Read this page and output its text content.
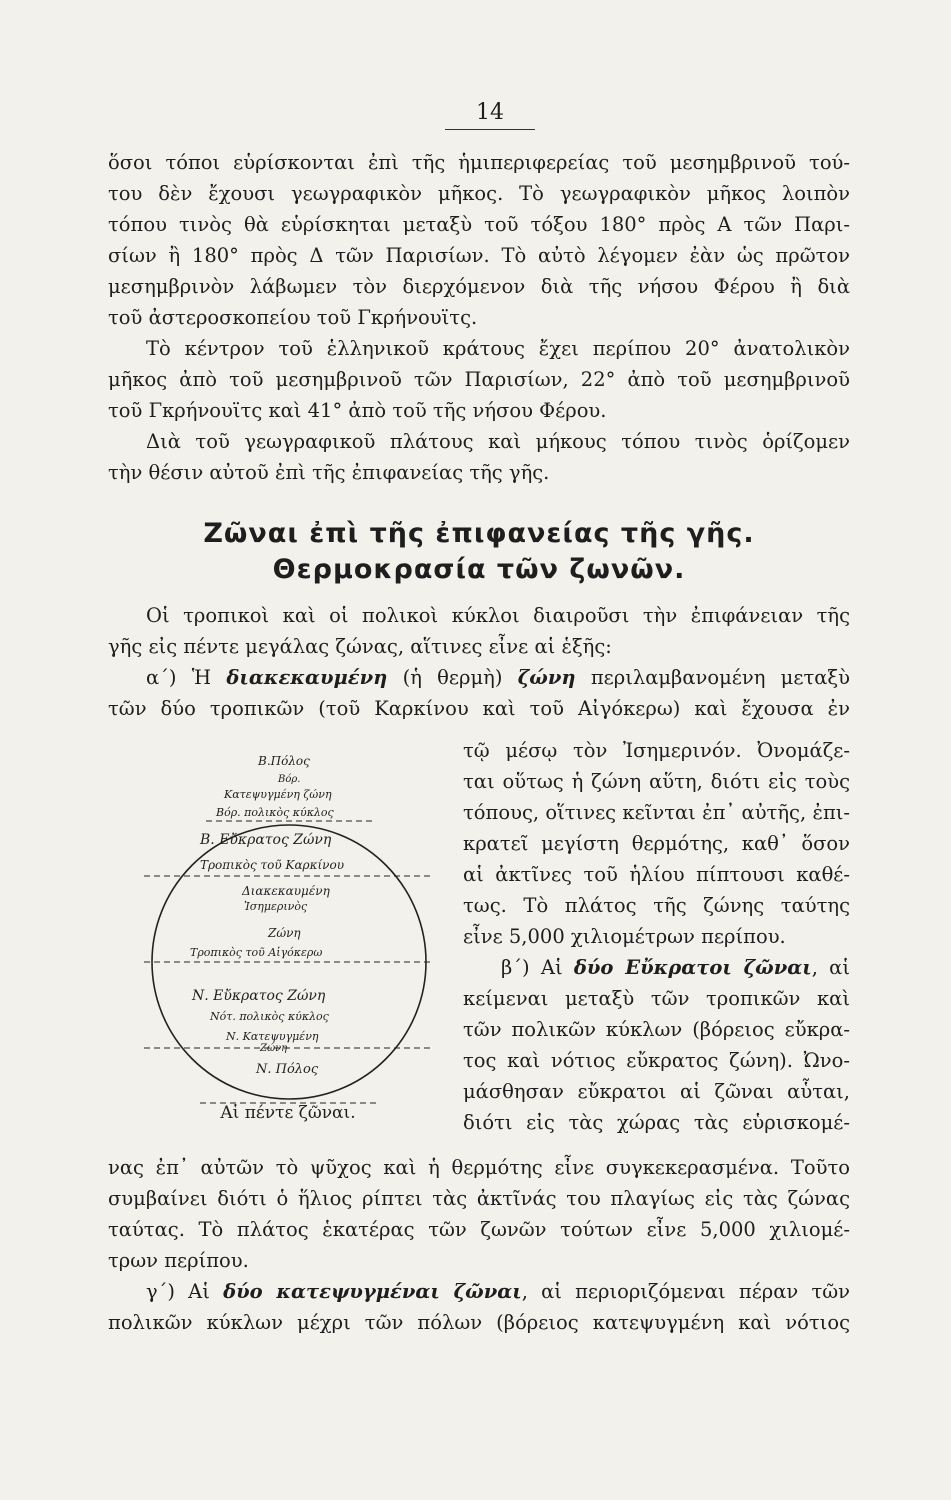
14
ὅσοι τόποι εὑρίσκονται ἐπὶ τῆς ἡμιπεριφερείας τοῦ μεσημβρινοῦ τού-
του δὲν ἔχουσι γεωγραφικὸν μῆκος. Τὸ γεωγραφικὸν μῆκος λοιπὸν
τόπου τινὸς θὰ εὑρίσκηται μεταξὺ τοῦ τόξου 180° πρὸς Α τῶν Παρι-
σίων ἢ 180° πρὸς Δ τῶν Παρισίων. Τὸ αὐτὸ λέγομεν ἐὰν ὡς πρῶτον
μεσημβρινὸν λάβωμεν τὸν διερχόμενον διὰ τῆς νήσου Φέρου ἢ διὰ
τοῦ ἀστεροσκοπείου τοῦ Γκρήνουϊτς.
Τὸ κέντρον τοῦ ἑλληνικοῦ κράτους ἔχει περίπου 20° ἀνατολικὸν
μῆκος ἀπὸ τοῦ μεσημβρινοῦ τῶν Παρισίων, 22° ἀπὸ τοῦ μεσημβρινοῦ
τοῦ Γκρήνουϊτς καὶ 41° ἀπὸ τοῦ τῆς νήσου Φέρου.
Διὰ τοῦ γεωγραφικοῦ πλάτους καὶ μήκους τόπου τινὸς ὁρίζομεν
τὴν θέσιν αὐτοῦ ἐπὶ τῆς ἐπιφανείας τῆς γῆς.
Ζῶναι ἐπὶ τῆς ἐπιφανείας τῆς γῆς.
Θερμοκρασία τῶν ζωνῶν.
Οἱ τροπικοὶ καὶ οἱ πολικοὶ κύκλοι διαιροῦσι τὴν ἐπιφάνειαν τῆς
γῆς εἰς πέντε μεγάλας ζώνας, αἵτινες εἶνε αἱ ἑξῆς:
α΄) Ἡ διακεκαυμένη (ἡ θερμὴ) ζώνη περιλαμβανομένη μεταξὺ
τῶν δύο τροπικῶν (τοῦ Καρκίνου καὶ τοῦ Αἰγόκερω) καὶ ἔχουσα ἐν
Β.Πόλος
Βόρ.
Κατεψυγμένη ζώνη
Βόρ. πολικὸς κύκλος
Β. Εὔκρατος Ζώνη
Τροπικὸς τοῦ Καρκίνου
Διακεκαυμένη
Ἰσημερινὸς
Ζώνη
Τροπικὸς τοῦ Αἰγόκερω
Ν. Εὔκρατος Ζώνη
Νότ. πολικὸς κύκλος
Ν. Κατεψυγμένη
Ζώνη
Ν. Πόλος
Αἱ πέντε ζῶναι.
τῷ μέσῳ τὸν Ἰσημερινόν. Ὀνομάζε-
ται οὕτως ἡ ζώνη αὕτη, διότι εἰς τοὺς
τόπους, οἵτινες κεῖνται ἐπ᾽ αὐτῆς, ἐπι-
κρατεῖ μεγίστη θερμότης, καθ᾽ ὅσον
αἱ ἀκτῖνες τοῦ ἡλίου πίπτουσι καθέ-
τως. Τὸ πλάτος τῆς ζώνης ταύτης
εἶνε 5,000 χιλιομέτρων περίπου.
β΄) Αἱ δύο Εὔκρατοι ζῶναι, αἱ
κείμεναι μεταξὺ τῶν τροπικῶν καὶ
τῶν πολικῶν κύκλων (βόρειος εὔκρα-
τος καὶ νότιος εὔκρατος ζώνη). Ὠνο-
μάσθησαν εὔκρατοι αἱ ζῶναι αὗται,
διότι εἰς τὰς χώρας τὰς εὑρισκομέ-
νας ἐπ᾽ αὐτῶν τὸ ψῦχος καὶ ἡ θερμότης εἶνε συγκεκερασμένα. Τοῦτο
συμβαίνει διότι ὁ ἥλιος ρίπτει τὰς ἀκτῖνάς του πλαγίως εἰς τὰς ζώνας
ταύτας. Τὸ πλάτος ἑκατέρας τῶν ζωνῶν τούτων εἶνε 5,000 χιλιομέ-
τρων περίπου.
γ΄) Αἱ δύο κατεψυγμέναι ζῶναι, αἱ περιοριζόμεναι πέραν τῶν
πολικῶν κύκλων μέχρι τῶν πόλων (βόρειος κατεψυγμένη καὶ νότιος
